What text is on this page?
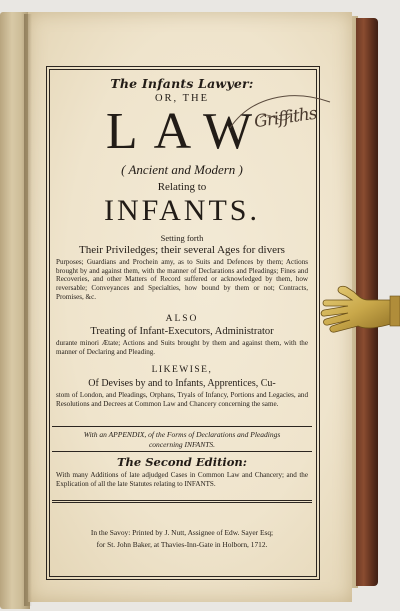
The Infants Lawyer:
OR, THE
LAW
( Ancient and Modern )
Relating to
INFANTS.
Setting forth
Their Priviledges; their several Ages for divers
Purposes; Guardians and Prochein amy, as to Suits and Defences by them; Actions brought by and against them, with the manner of Declarations and Pleadings; Fines and Recoveries, and other Matters of Record suffered or acknowledged by them, how reversable; Conveyances and Specialties, how bound by them or not; Contracts, Promises, &c.
ALSO
Treating of Infant-Executors, Administrator
durante minori Ætate; Actions and Suits brought by them and against them, with the manner of Declaring and Pleading.
LIKEWISE,
Of Devises by and to Infants, Apprentices, Cu-
stom of London, and Pleadings, Orphans, Tryals of Infancy, Portions and Legacies, and Resolutions and Decrees at Common Law and Chancery concerning the same.
With an APPENDIX, of the Forms of Declarations and Pleadings
concerning INFANTS.
The Second Edition:
With many Additions of late adjudged Cases in Common Law and Chancery; and the Explication of all the late Statutes relating to INFANTS.
In the Savoy: Printed by J. Nutt, Assignee of Edw. Sayer Esq;
for St. John Baker, at Thavies-Inn-Gate in Holborn, 1712.
Griffiths
